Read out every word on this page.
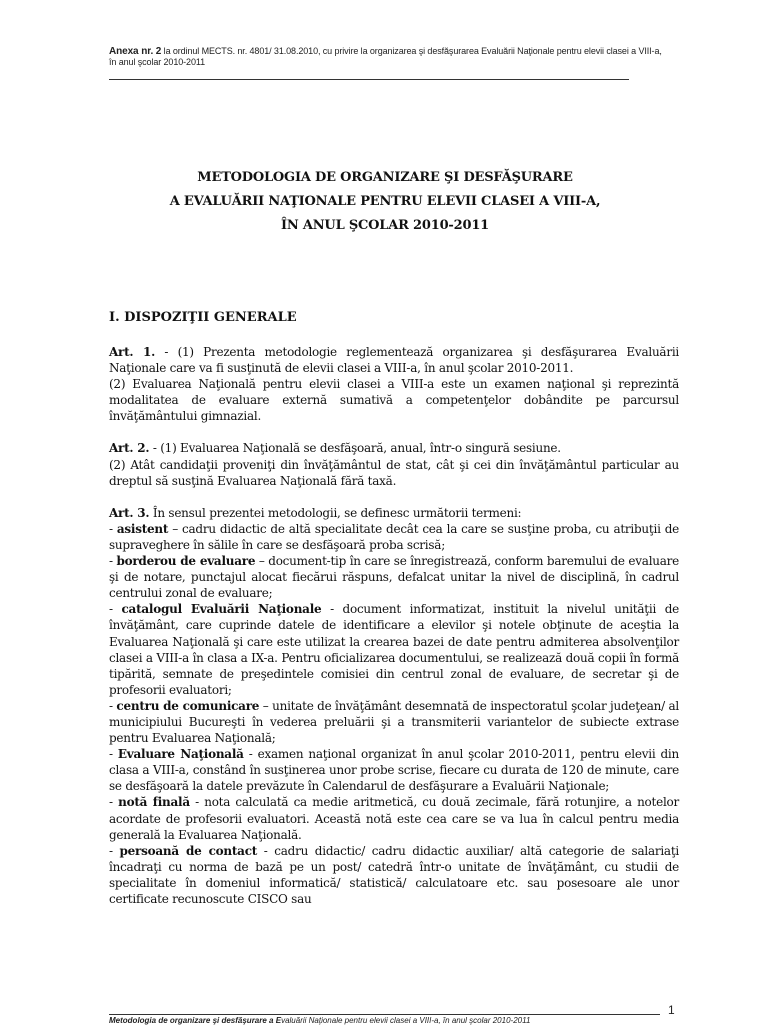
Anexa nr. 2 la ordinul MECTS. nr. 4801/ 31.08.2010, cu privire la organizarea şi desfăşurarea Evaluării Naţionale pentru elevii clasei a VIII-a, în anul şcolar 2010-2011
METODOLOGIA DE ORGANIZARE ŞI DESFĂŞURARE
A EVALUĂRII NAŢIONALE PENTRU ELEVII CLASEI A VIII-A,
ÎN ANUL ŞCOLAR 2010-2011
I. DISPOZIŢII GENERALE

Art. 1. - (1) Prezenta metodologie reglementează organizarea şi desfăşurarea Evaluării Naţionale care va fi susţinută de elevii clasei a VIII-a, în anul şcolar 2010-2011.

(2) Evaluarea Naţională pentru elevii clasei a VIII-a este un examen naţional şi reprezintă modalitatea de evaluare externă sumativă a competenţelor dobândite pe parcursul învăţământului gimnazial.

Art. 2. - (1) Evaluarea Naţională se desfăşoară, anual, într-o singură sesiune.

(2) Atât candidaţii proveniţi din învăţământul de stat, cât şi cei din învăţământul particular au dreptul să susţină Evaluarea Naţională fără taxă.

Art. 3. În sensul prezentei metodologii, se definesc următorii termeni:

- asistent – cadru didactic de altă specialitate decât cea la care se susţine proba, cu atribuţii de supraveghere în sălile în care se desfăşoară proba scrisă;

- borderou de evaluare – document-tip în care se înregistrează, conform baremului de evaluare şi de notare, punctajul alocat fiecărui răspuns, defalcat unitar la nivel de disciplină, în cadrul centrului zonal de evaluare;

- catalogul Evaluării Naţionale - document informatizat, instituit la nivelul unităţii de învăţământ, care cuprinde datele de identificare a elevilor şi notele obţinute de aceştia la Evaluarea Naţională şi care este utilizat la crearea bazei de date pentru admiterea absolvenţilor clasei a VIII-a în clasa a IX-a. Pentru oficializarea documentului, se realizează două copii în formă tipărită, semnate de preşedintele comisiei din centrul zonal de evaluare, de secretar şi de profesorii evaluatori;

- centru de comunicare – unitate de învăţământ desemnată de inspectoratul şcolar judeţean/ al municipiului Bucureşti în vederea preluării şi a transmiterii variantelor de subiecte extrase pentru Evaluarea Naţională;

- Evaluare Naţională - examen naţional organizat în anul şcolar 2010-2011, pentru elevii din clasa a VIII-a, constând în susţinerea unor probe scrise, fiecare cu durata de 120 de minute, care se desfăşoară la datele prevăzute în Calendarul de desfăşurare a Evaluării Naţionale;

- notă finală - nota calculată ca medie aritmetică, cu două zecimale, fără rotunjire, a notelor acordate de profesorii evaluatori. Această notă este cea care se va lua în calcul pentru media generală la Evaluarea Naţională.

- persoană de contact - cadru didactic/ cadru didactic auxiliar/ altă categorie de salariaţi încadraţi cu norma de bază pe un post/ catedră într-o unitate de învăţământ, cu studii de specialitate în domeniul informatică/ statistică/ calculatoare etc. sau posesoare ale unor certificate recunoscute CISCO sau

1
Metodologia de organizare şi desfăşurare a Evaluării Naţionale pentru elevii clasei a VIII-a, în anul şcolar 2010-2011
